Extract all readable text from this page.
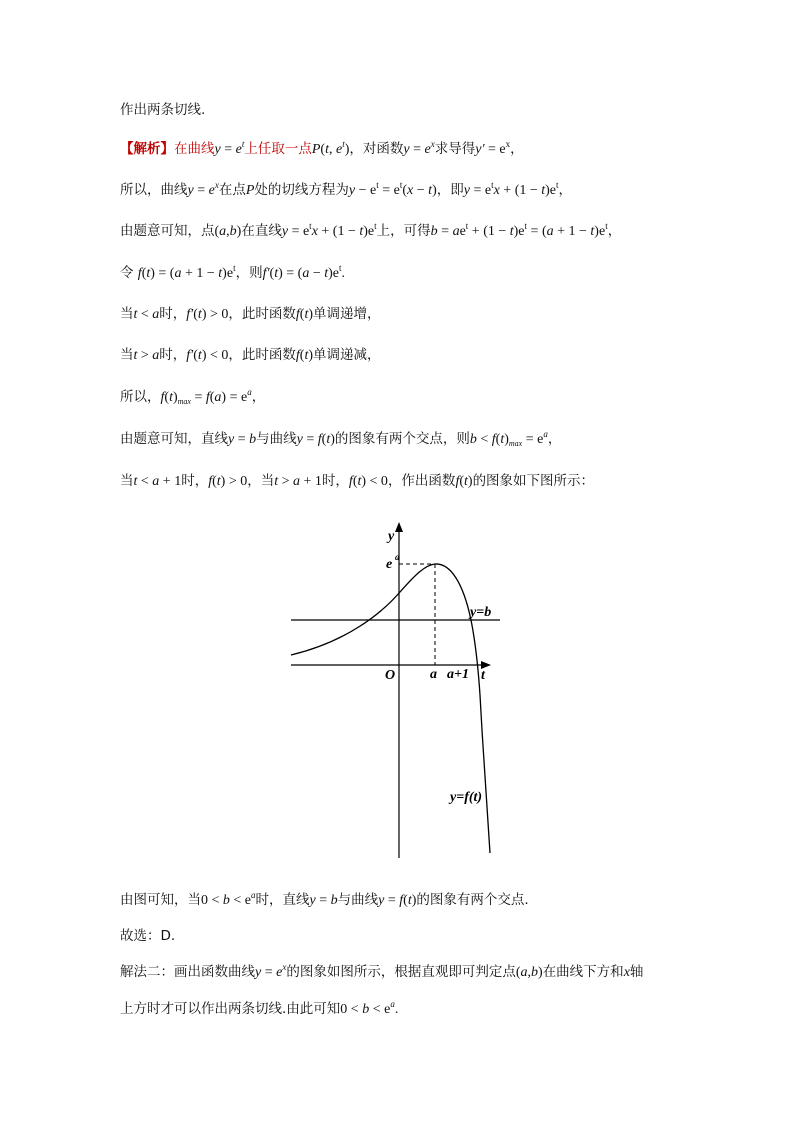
作出两条切线.
【解析】在曲线$y = e^t$上任取一点P(t, $e^t$)，对函数$y = e^x$求导得$y' = e^x$，
所以，曲线$y = e^x$在点P处的切线方程为$y - e^t = e^t(x - t)$，即$y = e^tx + (1 - t)e^t$，
由题意可知，点(a,b)在直线$y = e^tx + (1 - t)e^t$上，可得$b = ae^t + (1 - t)e^t = (a + 1 - t)e^t$，
令 $f(t) = (a + 1 - t)e^t$，则$f'(t) = (a - t)e^t$.
当t < a时，f′(t) > 0，此时函数f(t)单调递增，
当t > a时，f′(t) < 0，此时函数f(t)单调递减，
所以，$f(t)_{max} = f(a) = e^a$，
由题意可知，直线y = b与曲线y = f(t)的图象有两个交点，则$b < f(t)_{max} = e^a$，
当t < a + 1时，f(t) > 0，当t > a + 1时，f(t) < 0，作出函数f(t)的图象如下图所示：
y
e a
y=b
O a a+1 t
y=f(t)
由图可知，当$0 < b < e^a$时，直线y = b与曲线y = f(t)的图象有两个交点.
故选：D.
解法二：画出函数曲线$y = e^x$的图象如图所示，根据直观即可判定点(a,b)在曲线下方和x轴
上方时才可以作出两条切线.由此可知$0 < b < e^a$.
